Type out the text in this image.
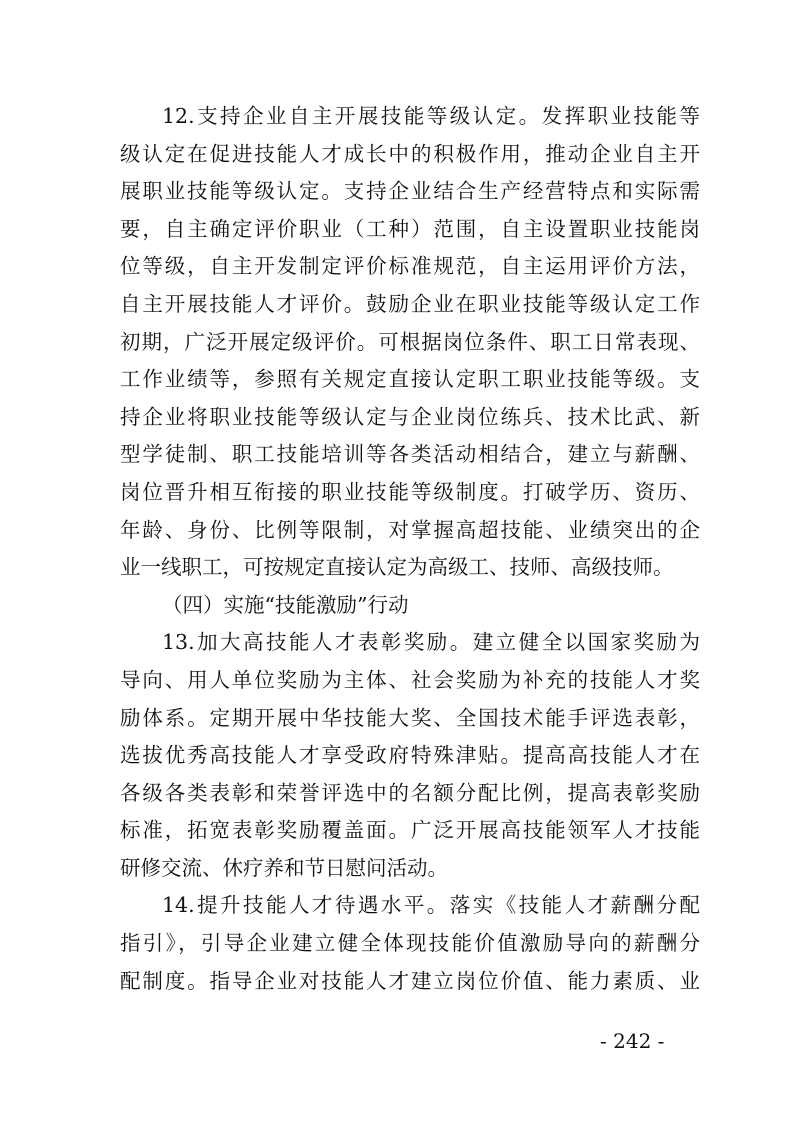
12.支持企业自主开展技能等级认定。发挥职业技能等
级认定在促进技能人才成长中的积极作用，推动企业自主开
展职业技能等级认定。支持企业结合生产经营特点和实际需
要，自主确定评价职业（工种）范围，自主设置职业技能岗
位等级，自主开发制定评价标准规范，自主运用评价方法，
自主开展技能人才评价。鼓励企业在职业技能等级认定工作
初期，广泛开展定级评价。可根据岗位条件、职工日常表现、
工作业绩等，参照有关规定直接认定职工职业技能等级。支
持企业将职业技能等级认定与企业岗位练兵、技术比武、新
型学徒制、职工技能培训等各类活动相结合，建立与薪酬、
岗位晋升相互衔接的职业技能等级制度。打破学历、资历、
年龄、身份、比例等限制，对掌握高超技能、业绩突出的企
业一线职工，可按规定直接认定为高级工、技师、高级技师。
（四）实施“技能激励”行动
13.加大高技能人才表彰奖励。建立健全以国家奖励为
导向、用人单位奖励为主体、社会奖励为补充的技能人才奖
励体系。定期开展中华技能大奖、全国技术能手评选表彰，
选拔优秀高技能人才享受政府特殊津贴。提高高技能人才在
各级各类表彰和荣誉评选中的名额分配比例，提高表彰奖励
标准，拓宽表彰奖励覆盖面。广泛开展高技能领军人才技能
研修交流、休疗养和节日慰问活动。
14.提升技能人才待遇水平。落实《技能人才薪酬分配
指引》，引导企业建立健全体现技能价值激励导向的薪酬分
配制度。指导企业对技能人才建立岗位价值、能力素质、业
- 242 -
